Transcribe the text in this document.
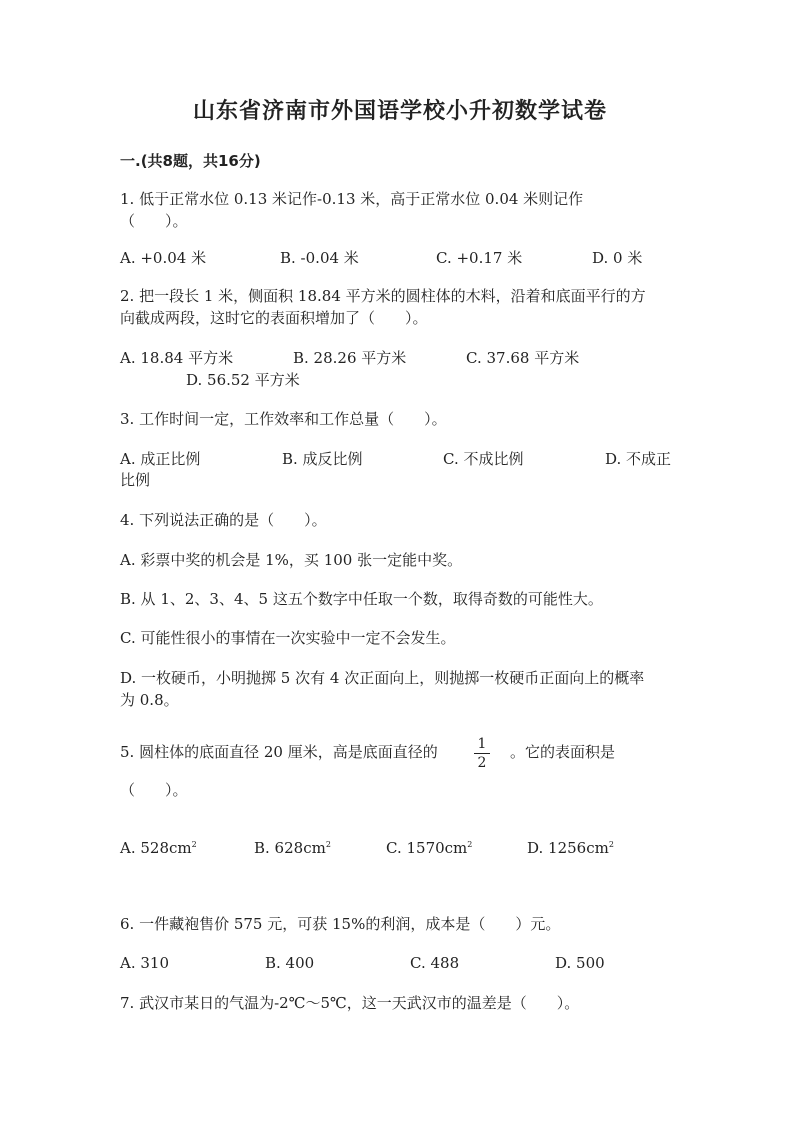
山东省济南市外国语学校小升初数学试卷
一.(共8题，共16分)
1. 低于正常水位 0.13 米记作-0.13 米，高于正常水位 0.04 米则记作
（　　）。
A. +0.04 米	B. -0.04 米	C. +0.17 米	D. 0 米
2. 把一段长 1 米，侧面积 18.84 平方米的圆柱体的木料，沿着和底面平行的方
向截成两段，这时它的表面积增加了（　　）。
A. 18.84 平方米	B. 28.26 平方米	C. 37.68 平方米
D. 56.52 平方米
3. 工作时间一定，工作效率和工作总量（　　）。
A. 成正比例	B. 成反比例	C. 不成比例	D. 不成正
比例
4. 下列说法正确的是（　　）。
A. 彩票中奖的机会是 1%，买 100 张一定能中奖。
B. 从 1、2、3、4、5 这五个数字中任取一个数，取得奇数的可能性大。
C. 可能性很小的事情在一次实验中一定不会发生。
D. 一枚硬币，小明抛掷 5 次有 4 次正面向上，则抛掷一枚硬币正面向上的概率
为 0.8。
5. 圆柱体的底面直径 20 厘米，高是底面直径的	1
2
。它的表面积是
（　　）。
A. $528cm^2$	B. $628cm^2$	C. $1570cm^2$	D. $1256cm^2$
6. 一件藏袍售价 575 元，可获 15%的利润，成本是（　　）元。
A. 310	B. 400	C. 488	D. 500
7. 武汉市某日的气温为-2℃～5℃，这一天武汉市的温差是（　　）。
